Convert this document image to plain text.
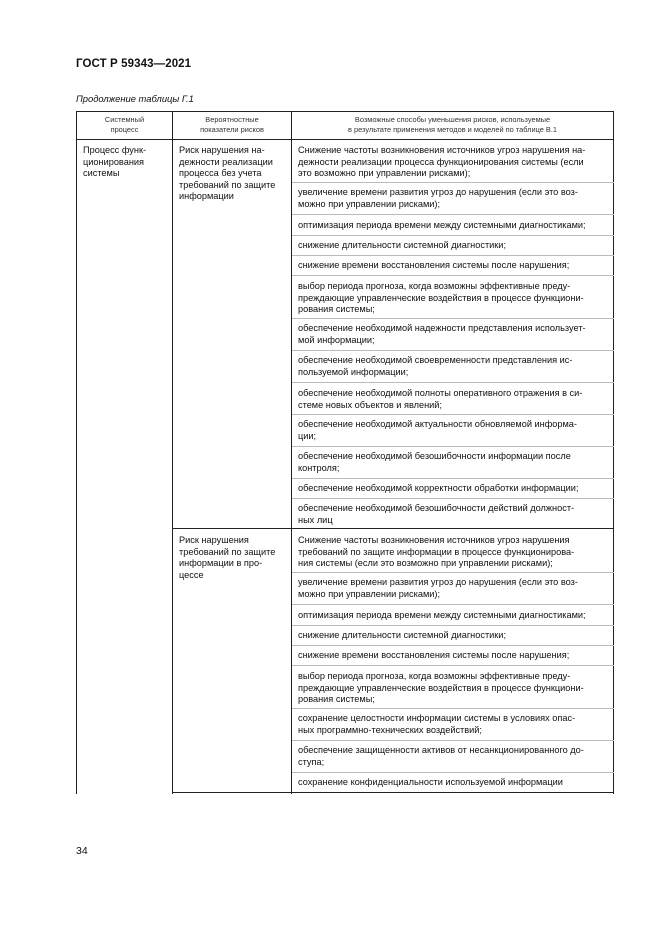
ГОСТ Р 59343—2021
Продолжение таблицы Г.1
Системный
процесс
Вероятностные
показатели рисков
Возможные способы уменьшения рисков, используемые
в результате применения методов и моделей по таблице В.1
Процесс функ-
ционирования
системы
Риск нарушения на-
дежности реализации
процесса без учета
требований по защите
информации
Риск нарушения
требований по защите
информации в про-
цессе
Снижение частоты возникновения источников угроз нарушения на-
дежности реализации процесса функционирования системы (если
это возможно при управлении рисками);
увеличение времени развития угроз до нарушения (если это воз-
можно при управлении рисками);
оптимизация периода времени между системными диагностиками;
снижение длительности системной диагностики;
снижение времени восстановления системы после нарушения;
выбор периода прогноза, когда возможны эффективные преду-
преждающие управленческие воздействия в процессе функциони-
рования системы;
обеспечение необходимой надежности представления использует-
мой информации;
обеспечение необходимой своевременности представления ис-
пользуемой информации;
обеспечение необходимой полноты оперативного отражения в си-
стеме новых объектов и явлений;
обеспечение необходимой актуальности обновляемой информа-
ции;
обеспечение необходимой безошибочности информации после
контроля;
обеспечение необходимой корректности обработки информации;
обеспечение необходимой безошибочности действий должност-
ных лиц
Снижение частоты возникновения источников угроз нарушения
требований по защите информации в процессе функционирова-
ния системы (если это возможно при управлении рисками);
увеличение времени развития угроз до нарушения (если это воз-
можно при управлении рисками);
оптимизация периода времени между системными диагностиками;
снижение длительности системной диагностики;
снижение времени восстановления системы после нарушения;
выбор периода прогноза, когда возможны эффективные преду-
преждающие управленческие воздействия в процессе функциони-
рования системы;
сохранение целостности информации системы в условиях опас-
ных программно-технических воздействий;
обеспечение защищенности активов от несанкционированного до-
ступа;
сохранение конфиденциальности используемой информации
34
